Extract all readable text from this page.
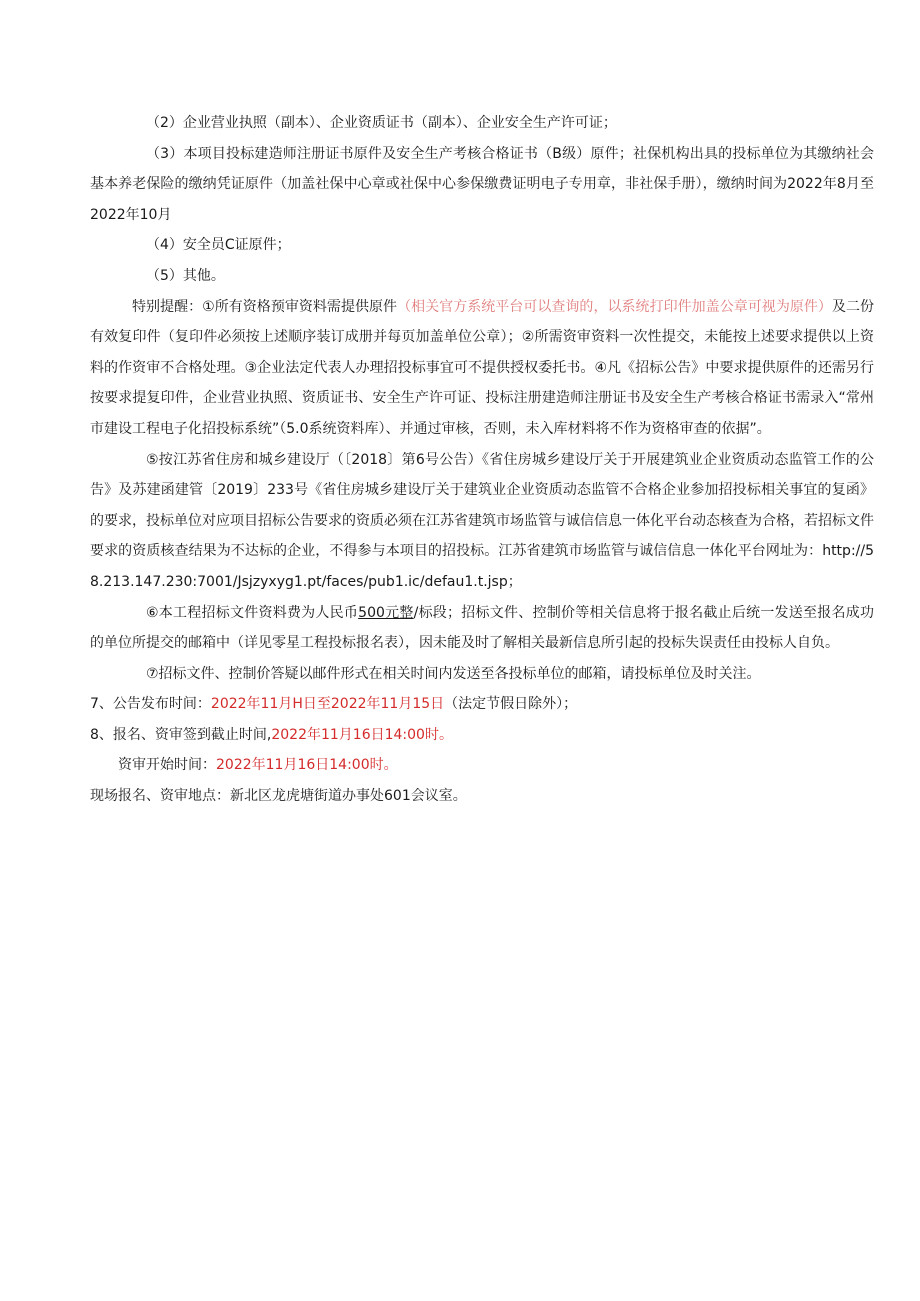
（2）企业营业执照（副本）、企业资质证书（副本）、企业安全生产许可证；

（3）本项目投标建造师注册证书原件及安全生产考核合格证书（B级）原件；社保机构出具的投标单位为其缴纳社会基本养老保险的缴纳凭证原件（加盖社保中心章或社保中心参保缴费证明电子专用章，非社保手册），缴纳时间为2022年8月至2022年10月

（4）安全员C证原件；

（5）其他。

特别提醒：①所有资格预审资料需提供原件（相关官方系统平台可以查询的，以系统打印件加盖公章可视为原件）及二份有效复印件（复印件必须按上述顺序装订成册并每页加盖单位公章）；②所需资审资料一次性提交，未能按上述要求提供以上资料的作资审不合格处理。③企业法定代表人办理招投标事宜可不提供授权委托书。④凡《招标公告》中要求提供原件的还需另行按要求提复印件，企业营业执照、资质证书、安全生产许可证、投标注册建造师注册证书及安全生产考核合格证书需录入“常州市建设工程电子化招投标系统”（5.0系统资料库）、并通过审核，否则，未入库材料将不作为资格审查的依据”。

⑤按江苏省住房和城乡建设厅（〔2018〕第6号公告）《省住房城乡建设厅关于开展建筑业企业资质动态监管工作的公告》及苏建函建管〔2019〕233号《省住房城乡建设厅关于建筑业企业资质动态监管不合格企业参加招投标相关事宜的复函》的要求，投标单位对应项目招标公告要求的资质必须在江苏省建筑市场监管与诚信信息一体化平台动态核查为合格，若招标文件要求的资质核查结果为不达标的企业，不得参与本项目的招投标。江苏省建筑市场监管与诚信信息一体化平台网址为：http://58.213.147.230:7001/Jsjzyxyg1.pt/faces/pub1.ic/defau1.t.jsp；

⑥本工程招标文件资料费为人民币500元整/标段；招标文件、控制价等相关信息将于报名截止后统一发送至报名成功的单位所提交的邮箱中（详见零星工程投标报名表），因未能及时了解相关最新信息所引起的投标失误责任由投标人自负。

⑦招标文件、控制价答疑以邮件形式在相关时间内发送至各投标单位的邮箱，请投标单位及时关注。

7、公告发布时间：2022年11月H日至2022年11月15日（法定节假日除外）；

8、报名、资审签到截止时间,2022年11月16日14:00时。

资审开始时间：2022年11月16日14:00时。

现场报名、资审地点：新北区龙虎塘街道办事处601会议室。
